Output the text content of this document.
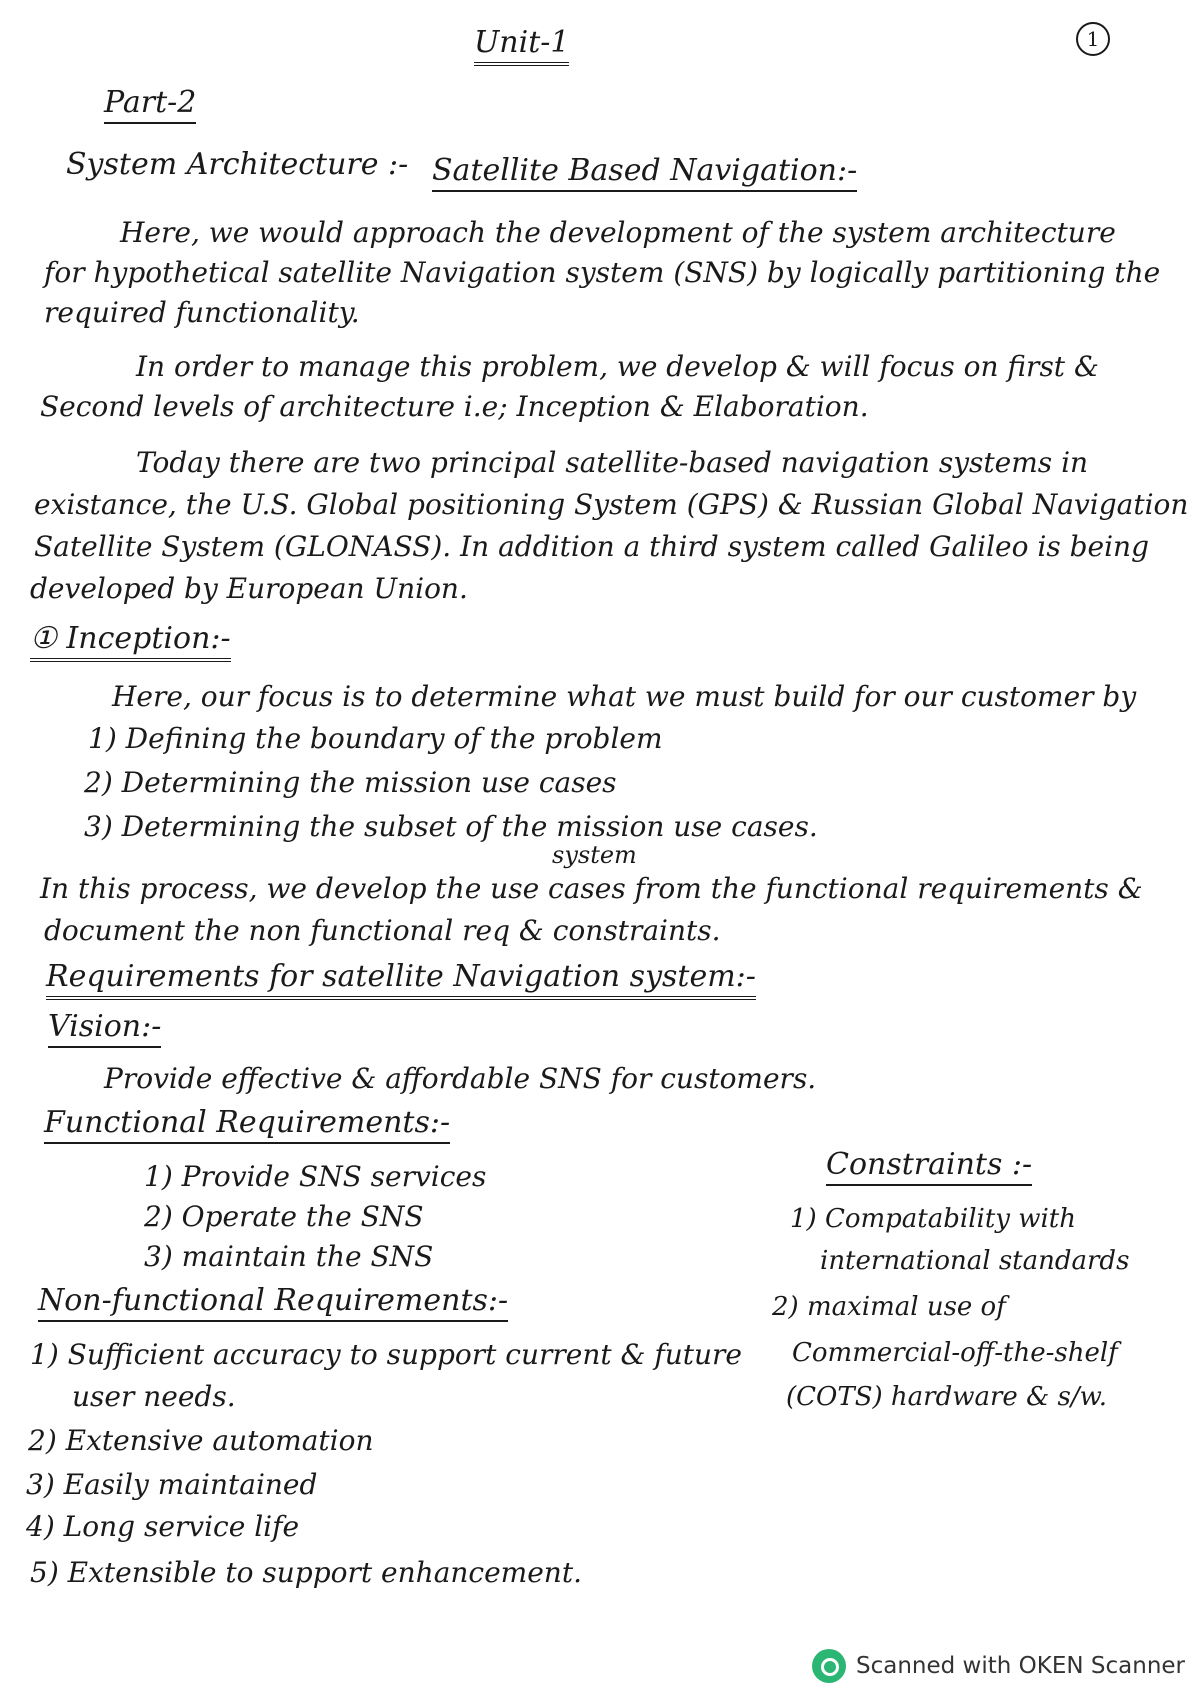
Unit-1	1
Part-2
System Architecture :- Satellite Based Navigation:-
Here, we would approach the development of the system architecture
for hypothetical satellite Navigation system (SNS) by logically partitioning the
required functionality.
In order to manage this problem, we develop & will focus on first &
Second levels of architecture i.e; Inception & Elaboration.
Today there are two principal satellite-based navigation systems in
existance, the U.S. Global positioning System (GPS) & Russian Global Navigation
Satellite System (GLONASS). In addition a third system called Galileo is being
developed by European Union.
① Inception:-
Here, our focus is to determine what we must build for our customer by
1) Defining the boundary of the problem
2) Determining the mission use cases
3) Determining the subset of the mission use cases.
system
In this process, we develop the use cases from the functional requirements &
document the non functional req & constraints.
Requirements for satellite Navigation system:-
Vision:-
Provide effective & affordable SNS for customers.
Functional Requirements:-
1) Provide SNS services
2) Operate the SNS
3) maintain the SNS
Constraints :-
1) Compatability with
international standards
2) maximal use of
Commercial-off-the-shelf
(COTS) hardware & s/w.
Non-functional Requirements:-
1) Sufficient accuracy to support current & future
user needs.
2) Extensive automation
3) Easily maintained
4) Long service life
5) Extensible to support enhancement.
Scanned with OKEN Scanner
